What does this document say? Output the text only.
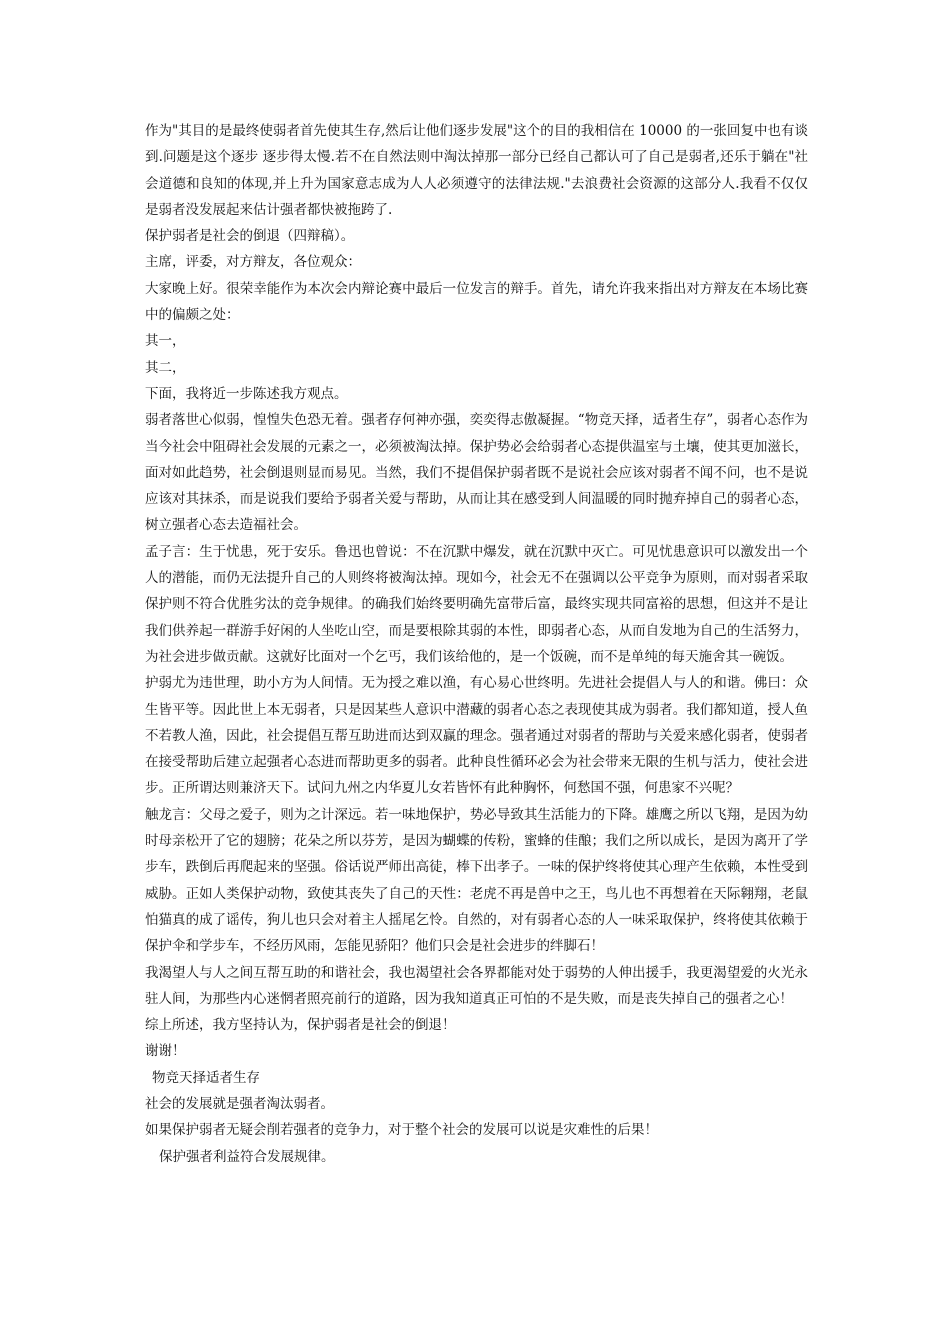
作为"其目的是最终使弱者首先使其生存,然后让他们逐步发展"这个的目的我相信在 10000 的一张回复中也有谈到.问题是这个逐步 逐步得太慢.若不在自然法则中淘汰掉那一部分已经自己都认可了自己是弱者,还乐于躺在"社会道德和良知的体现,并上升为国家意志成为人人必须遵守的法律法规."去浪费社会资源的这部分人.我看不仅仅是弱者没发展起来估计强者都快被拖跨了.

保护弱者是社会的倒退（四辩稿）。

主席，评委，对方辩友，各位观众：

大家晚上好。很荣幸能作为本次会内辩论赛中最后一位发言的辩手。首先，请允许我来指出对方辩友在本场比赛中的偏颇之处：

其一，

其二，

下面，我将近一步陈述我方观点。

弱者落世心似弱，惶惶失色恐无着。强者存何神亦强，奕奕得志傲凝握。“物竞天择，适者生存”，弱者心态作为当今社会中阻碍社会发展的元素之一，必须被淘汰掉。保护势必会给弱者心态提供温室与土壤，使其更加滋长，面对如此趋势，社会倒退则显而易见。当然，我们不提倡保护弱者既不是说社会应该对弱者不闻不问，也不是说应该对其抹杀，而是说我们要给予弱者关爱与帮助，从而让其在感受到人间温暖的同时抛弃掉自己的弱者心态，树立强者心态去造福社会。

孟子言：生于忧患，死于安乐。鲁迅也曾说：不在沉默中爆发，就在沉默中灭亡。可见忧患意识可以激发出一个人的潜能，而仍无法提升自己的人则终将被淘汰掉。现如今，社会无不在强调以公平竞争为原则，而对弱者采取保护则不符合优胜劣汰的竞争规律。的确我们始终要明确先富带后富，最终实现共同富裕的思想，但这并不是让我们供养起一群游手好闲的人坐吃山空，而是要根除其弱的本性，即弱者心态，从而自发地为自己的生活努力，为社会进步做贡献。这就好比面对一个乞丐，我们该给他的，是一个饭碗，而不是单纯的每天施舍其一碗饭。

护弱尤为违世理，助小方为人间情。无为授之难以渔，有心易心世终明。先进社会提倡人与人的和谐。佛曰：众生皆平等。因此世上本无弱者，只是因某些人意识中潜藏的弱者心态之表现使其成为弱者。我们都知道，授人鱼不若教人渔，因此，社会提倡互帮互助进而达到双赢的理念。强者通过对弱者的帮助与关爱来感化弱者，使弱者在接受帮助后建立起强者心态进而帮助更多的弱者。此种良性循环必会为社会带来无限的生机与活力，使社会进步。正所谓达则兼济天下。试问九州之内华夏儿女若皆怀有此种胸怀，何愁国不强，何患家不兴呢？

触龙言：父母之爱子，则为之计深远。若一味地保护，势必导致其生活能力的下降。雄鹰之所以飞翔，是因为幼时母亲松开了它的翅膀；花朵之所以芬芳，是因为蝴蝶的传粉，蜜蜂的佳酿；我们之所以成长，是因为离开了学步车，跌倒后再爬起来的坚强。俗话说严师出高徒，棒下出孝子。一味的保护终将使其心理产生依赖，本性受到威胁。正如人类保护动物，致使其丧失了自己的天性：老虎不再是兽中之王，鸟儿也不再想着在天际翱翔，老鼠怕猫真的成了谣传，狗儿也只会对着主人摇尾乞怜。自然的，对有弱者心态的人一味采取保护，终将使其依赖于保护伞和学步车，不经历风雨，怎能见骄阳？他们只会是社会进步的绊脚石！

我渴望人与人之间互帮互助的和谐社会，我也渴望社会各界都能对处于弱势的人伸出援手，我更渴望爱的火光永驻人间，为那些内心迷惘者照亮前行的道路，因为我知道真正可怕的不是失败，而是丧失掉自己的强者之心！

综上所述，我方坚持认为，保护弱者是社会的倒退！

谢谢！

物竞天择适者生存

社会的发展就是强者淘汰弱者。

如果保护弱者无疑会削若强者的竞争力，对于整个社会的发展可以说是灾难性的后果！

保护强者利益符合发展规律。
